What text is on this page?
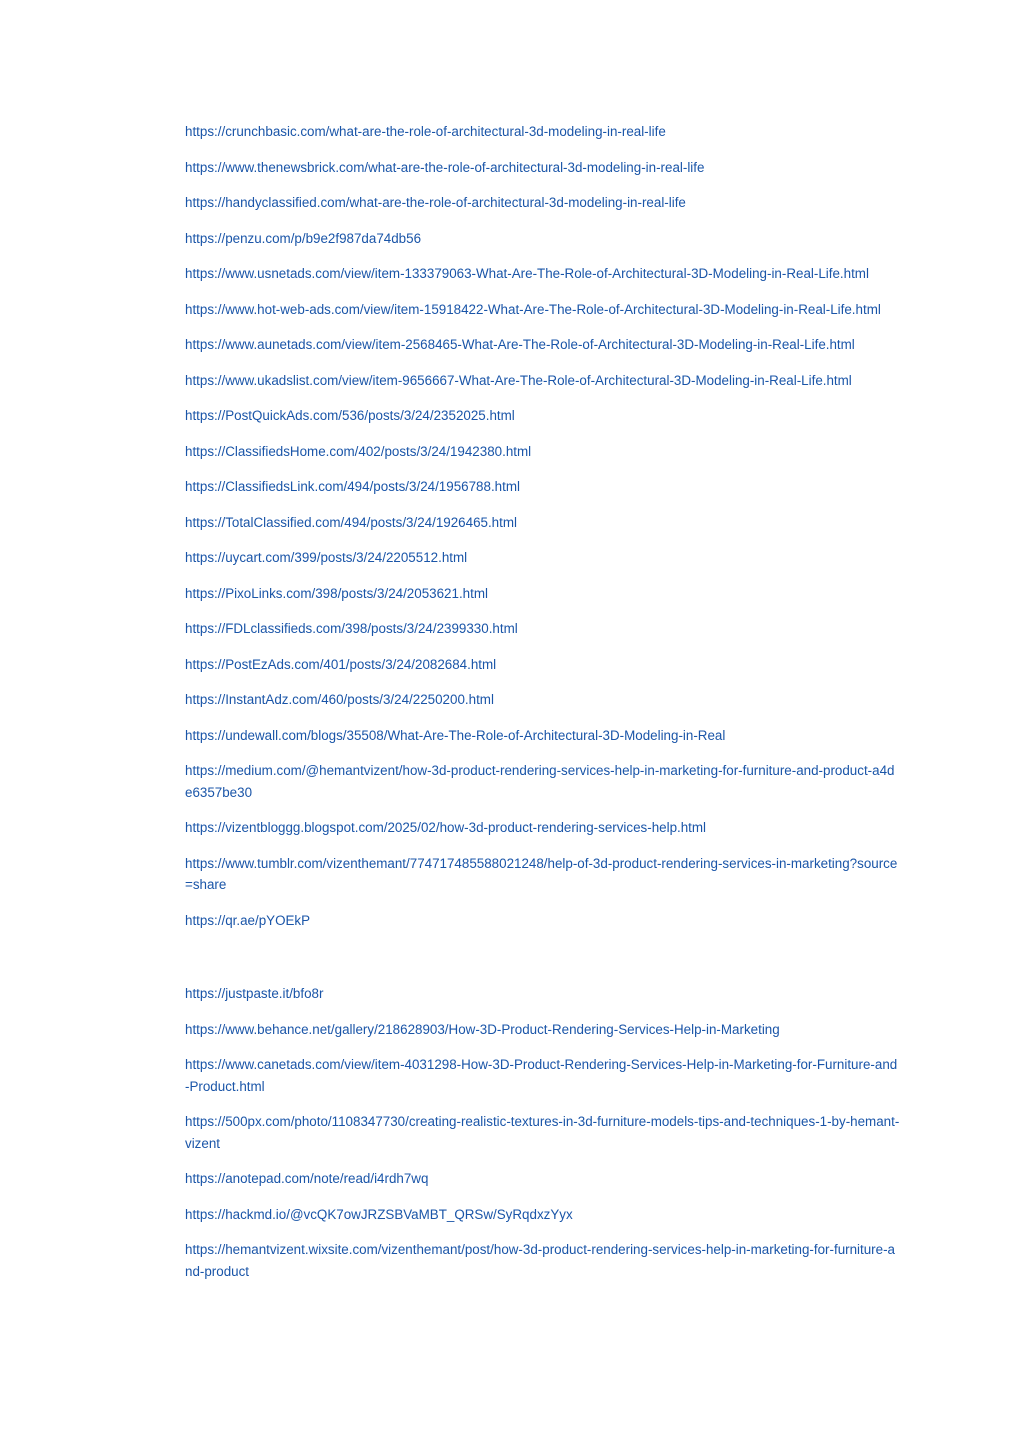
https://crunchbasic.com/what-are-the-role-of-architectural-3d-modeling-in-real-life
https://www.thenewsbrick.com/what-are-the-role-of-architectural-3d-modeling-in-real-life
https://handyclassified.com/what-are-the-role-of-architectural-3d-modeling-in-real-life
https://penzu.com/p/b9e2f987da74db56
https://www.usnetads.com/view/item-133379063-What-Are-The-Role-of-Architectural-3D-Modeling-in-Real-Life.html
https://www.hot-web-ads.com/view/item-15918422-What-Are-The-Role-of-Architectural-3D-Modeling-in-Real-Life.html
https://www.aunetads.com/view/item-2568465-What-Are-The-Role-of-Architectural-3D-Modeling-in-Real-Life.html
https://www.ukadslist.com/view/item-9656667-What-Are-The-Role-of-Architectural-3D-Modeling-in-Real-Life.html
https://PostQuickAds.com/536/posts/3/24/2352025.html
https://ClassifiedsHome.com/402/posts/3/24/1942380.html
https://ClassifiedsLink.com/494/posts/3/24/1956788.html
https://TotalClassified.com/494/posts/3/24/1926465.html
https://uycart.com/399/posts/3/24/2205512.html
https://PixoLinks.com/398/posts/3/24/2053621.html
https://FDLclassifieds.com/398/posts/3/24/2399330.html
https://PostEzAds.com/401/posts/3/24/2082684.html
https://InstantAdz.com/460/posts/3/24/2250200.html
https://undewall.com/blogs/35508/What-Are-The-Role-of-Architectural-3D-Modeling-in-Real
https://medium.com/@hemantvizent/how-3d-product-rendering-services-help-in-marketing-for-furniture-and-product-a4de6357be30
https://vizentbloggg.blogspot.com/2025/02/how-3d-product-rendering-services-help.html
https://www.tumblr.com/vizenthemant/774717485588021248/help-of-3d-product-rendering-services-in-marketing?source=share
https://qr.ae/pYOEkP
https://justpaste.it/bfo8r
https://www.behance.net/gallery/218628903/How-3D-Product-Rendering-Services-Help-in-Marketing
https://www.canetads.com/view/item-4031298-How-3D-Product-Rendering-Services-Help-in-Marketing-for-Furniture-and-Product.html
https://500px.com/photo/1108347730/creating-realistic-textures-in-3d-furniture-models-tips-and-techniques-1-by-hemant-vizent
https://anotepad.com/note/read/i4rdh7wq
https://hackmd.io/@vcQK7owJRZSBVaMBT_QRSw/SyRqdxzYyx
https://hemantvizent.wixsite.com/vizenthemant/post/how-3d-product-rendering-services-help-in-marketing-for-furniture-and-product
